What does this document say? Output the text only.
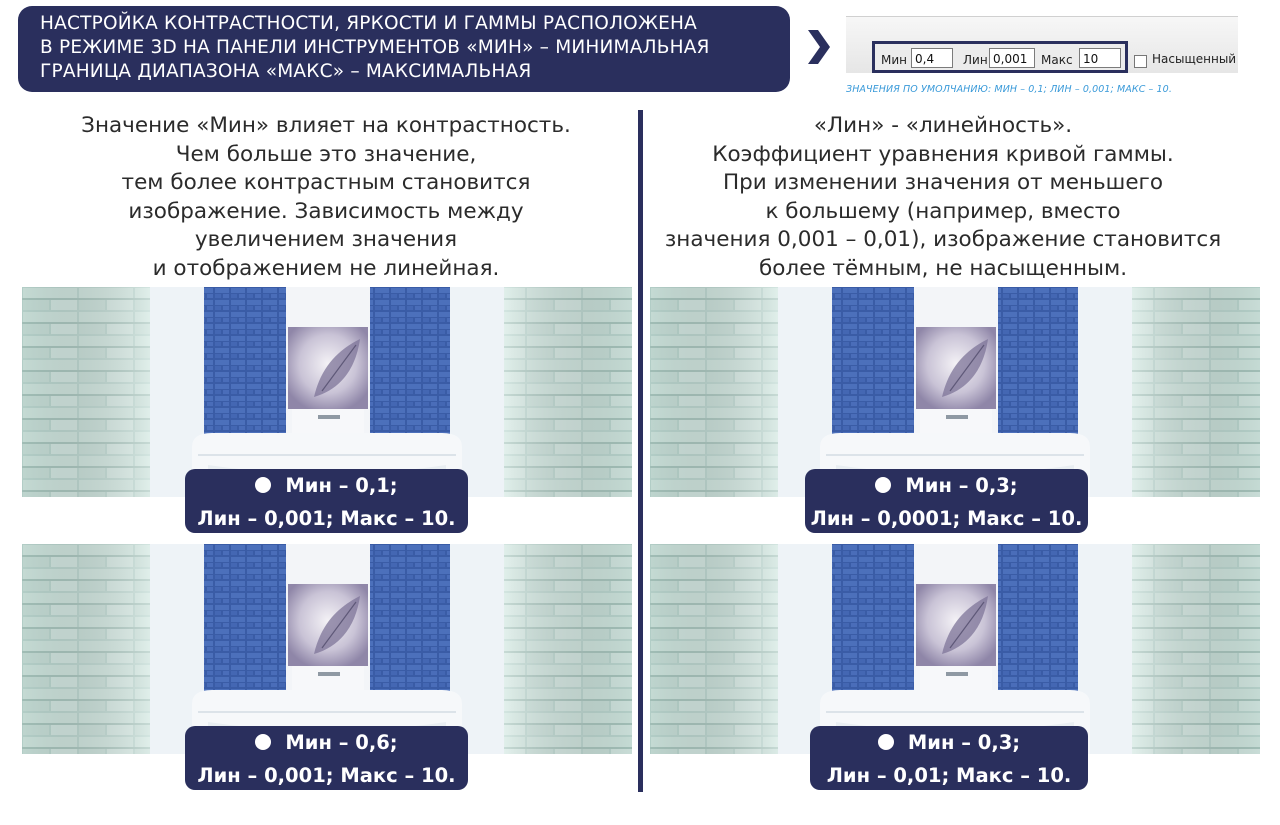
НАСТРОЙКА КОНТРАСТНОСТИ, ЯРКОСТИ И ГАММЫ РАСПОЛОЖЕНА
В РЕЖИМЕ 3D НА ПАНЕЛИ ИНСТРУМЕНТОВ «МИН» – МИНИМАЛЬНАЯ
ГРАНИЦА ДИАПАЗОНА «МАКС» – МАКСИМАЛЬНАЯ
Мин 0,4	Лин 0,001	Макс 10	Насыщенный
ЗНАЧЕНИЯ ПО УМОЛЧАНИЮ: МИН – 0,1; ЛИН – 0,001; МАКС – 10.
Значение «Мин» влияет на контрастность.
Чем больше это значение,
тем более контрастным становится
изображение. Зависимость между
увеличением значения
и отображением не линейная.
«Лин» - «линейность».
Коэффициент уравнения кривой гаммы.
При изменении значения от меньшего
к большему (например, вместо
значения 0,001 – 0,01), изображение становится
более тёмным, не насыщенным.
Мин – 0,1;
Лин – 0,001; Макс – 10.
Мин – 0,3;
Лин – 0,0001; Макс – 10.
Мин – 0,6;
Лин – 0,001; Макс – 10.
Мин – 0,3;
Лин – 0,01; Макс – 10.
